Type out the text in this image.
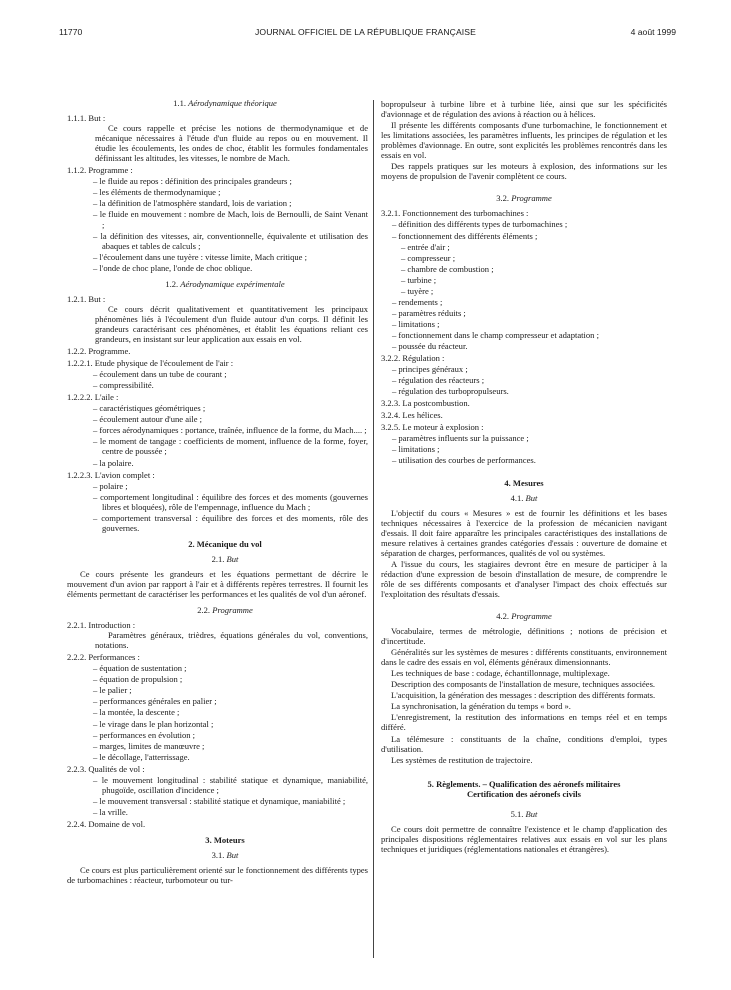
11770	JOURNAL OFFICIEL DE LA RÉPUBLIQUE FRANÇAISE	4 août 1999
1.1. Aérodynamique théorique
1.1.1. But :
Ce cours rappelle et précise les notions de thermodynamique et de mécanique nécessaires à l'étude d'un fluide au repos ou en mouvement. Il étudie les écoulements, les ondes de choc, établit les formules fondamentales définissant les altitudes, les vitesses, le nombre de Mach.
1.1.2. Programme :
– le fluide au repos : définition des principales grandeurs ;
– les éléments de thermodynamique ;
– la définition de l'atmosphère standard, lois de variation ;
– le fluide en mouvement : nombre de Mach, lois de Bernoulli, de Saint Venant ;
– la définition des vitesses, air, conventionnelle, équivalente et utilisation des abaques et tables de calculs ;
– l'écoulement dans une tuyère : vitesse limite, Mach critique ;
– l'onde de choc plane, l'onde de choc oblique.
1.2. Aérodynamique expérimentale
1.2.1. But :
Ce cours décrit qualitativement et quantitativement les principaux phénomènes liés à l'écoulement d'un fluide autour d'un corps. Il définit les grandeurs caractérisant ces phénomènes, et établit les équations reliant ces grandeurs, en insistant sur leur application aux essais en vol.
1.2.2. Programme.
1.2.2.1. Etude physique de l'écoulement de l'air :
– écoulement dans un tube de courant ;
– compressibilité.
1.2.2.2. L'aile :
– caractéristiques géométriques ;
– écoulement autour d'une aile ;
– forces aérodynamiques : portance, traînée, influence de la forme, du Mach.... ;
– le moment de tangage : coefficients de moment, influence de la forme, foyer, centre de poussée ;
– la polaire.
1.2.2.3. L'avion complet :
– polaire ;
– comportement longitudinal : équilibre des forces et des moments (gouvernes libres et bloquées), rôle de l'empennage, influence du Mach ;
– comportement transversal : équilibre des forces et des moments, rôle des gouvernes.
2. Mécanique du vol
2.1. But
Ce cours présente les grandeurs et les équations permettant de décrire le mouvement d'un avion par rapport à l'air et à différents repères terrestres. Il fournit les éléments permettant de caractériser les performances et les qualités de vol d'un aéronef.
2.2. Programme
2.2.1. Introduction :
Paramètres généraux, trièdres, équations générales du vol, conventions, notations.
2.2.2. Performances :
– équation de sustentation ;
– équation de propulsion ;
– le palier ;
– performances générales en palier ;
– la montée, la descente ;
– le virage dans le plan horizontal ;
– performances en évolution ;
– marges, limites de manœuvre ;
– le décollage, l'atterrissage.
2.2.3. Qualités de vol :
– le mouvement longitudinal : stabilité statique et dynamique, maniabilité, phugoïde, oscillation d'incidence ;
– le mouvement transversal : stabilité statique et dynamique, maniabilité ;
– la vrille.
2.2.4. Domaine de vol.
3. Moteurs
3.1. But
Ce cours est plus particulièrement orienté sur le fonctionnement des différents types de turbomachines : réacteur, turbomoteur ou tur-
bopropulseur à turbine libre et à turbine liée, ainsi que sur les spécificités d'avionnage et de régulation des avions à réaction ou à hélices.
Il présente les différents composants d'une turbomachine, le fonctionnement et les limitations associées, les paramètres influents, les principes de régulation et les problèmes d'avionnage. En outre, sont explicités les problèmes rencontrés dans les essais en vol.
Des rappels pratiques sur les moteurs à explosion, des informations sur les moyens de propulsion de l'avenir complètent ce cours.
3.2. Programme
3.2.1. Fonctionnement des turbomachines :
– définition des différents types de turbomachines ;
– fonctionnement des différents éléments ;
– entrée d'air ;
– compresseur ;
– chambre de combustion ;
– turbine ;
– tuyère ;
– rendements ;
– paramètres réduits ;
– limitations ;
– fonctionnement dans le champ compresseur et adaptation ;
– poussée du réacteur.
3.2.2. Régulation :
– principes généraux ;
– régulation des réacteurs ;
– régulation des turbopropulseurs.
3.2.3. La postcombustion.
3.2.4. Les hélices.
3.2.5. Le moteur à explosion :
– paramètres influents sur la puissance ;
– limitations ;
– utilisation des courbes de performances.
4. Mesures
4.1. But
L'objectif du cours « Mesures » est de fournir les définitions et les bases techniques nécessaires à l'exercice de la profession de mécanicien navigant d'essais. Il doit faire apparaître les principales caractéristiques des installations de mesure relatives à certaines grandes catégories d'essais : ouverture de domaine et séparation de charges, performances, qualités de vol ou systèmes.
A l'issue du cours, les stagiaires devront être en mesure de participer à la rédaction d'une expression de besoin d'installation de mesure, de comprendre le rôle de ses différents composants et d'analyser l'impact des choix effectués sur l'exploitation des résultats d'essais.
4.2. Programme
Vocabulaire, termes de métrologie, définitions ; notions de précision et d'incertitude.
Généralités sur les systèmes de mesures : différents constituants, environnement dans le cadre des essais en vol, éléments généraux dimensionnants.
Les techniques de base : codage, échantillonnage, multiplexage.
Description des composants de l'installation de mesure, techniques associées.
L'acquisition, la génération des messages : description des différents formats.
La synchronisation, la génération du temps « bord ».
L'enregistrement, la restitution des informations en temps réel et en temps différé.
La télémesure : constituants de la chaîne, conditions d'emploi, types d'utilisation.
Les systèmes de restitution de trajectoire.
5. Règlements. – Qualification des aéronefs militaires
Certification des aéronefs civils
5.1. But
Ce cours doit permettre de connaître l'existence et le champ d'application des principales dispositions réglementaires relatives aux essais en vol sur les plans techniques et juridiques (réglementations nationales et étrangères).
